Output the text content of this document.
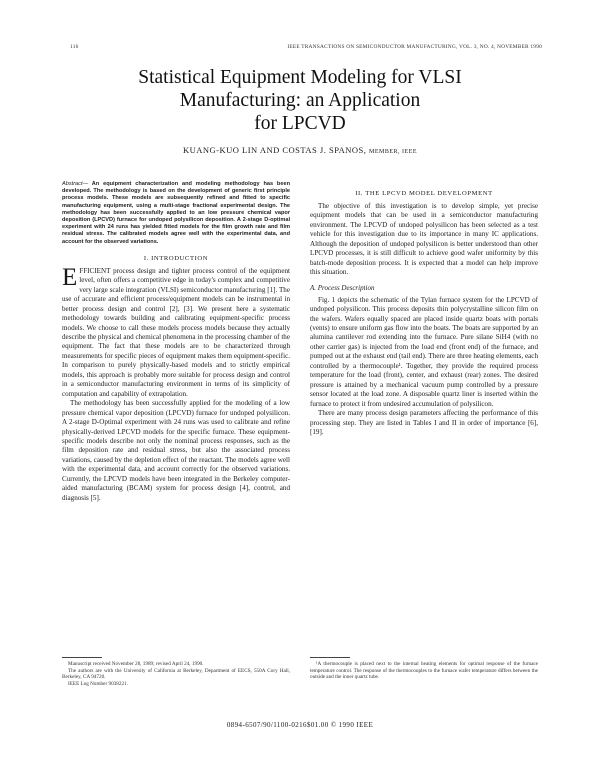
116	IEEE TRANSACTIONS ON SEMICONDUCTOR MANUFACTURING, VOL. 3, NO. 4, NOVEMBER 1990
Statistical Equipment Modeling for VLSI
Manufacturing: an Application
for LPCVD
KUANG-KUO LIN AND COSTAS J. SPANOS, MEMBER, IEEE
Abstract— An equipment characterization and modeling methodology has been developed. The methodology is based on the development of generic first principle process models. These models are subsequently refined and fitted to specific manufacturing equipment, using a multi-stage fractional experimental design. The methodology has been successfully applied to an low pressure chemical vapor deposition (LPCVD) furnace for undoped polysilicon deposition. A 2-stage D-optimal experiment with 24 runs has yielded fitted models for the film growth rate and film residual stress. The calibrated models agree well with the experimental data, and account for the observed variations.
I. INTRODUCTION

E FFICIENT process design and tighter process control of the equipment level, often offers a competitive edge in today's complex and competitive very large scale integration (VLSI) semiconductor manufacturing [1]. The use of accurate and efficient process/equipment models can be instrumental in better process design and control [2], [3]. We present here a systematic methodology towards building and calibrating equipment-specific process models. We choose to call these models process models because they actually describe the physical and chemical phenomena in the processing chamber of the equipment. The fact that these models are to be characterized through measurements for specific pieces of equipment makes them equipment-specific. In comparison to purely physically-based models and to strictly empirical models, this approach is probably more suitable for process design and control in a semiconductor manufacturing environment in terms of its simplicity of computation and capability of extrapolation.

The methodology has been successfully applied for the modeling of a low pressure chemical vapor deposition (LPCVD) furnace for undoped polysilicon. A 2-stage D-Optimal experiment with 24 runs was used to calibrate and refine physically-derived LPCVD models for the specific furnace. These equipment-specific models describe not only the nominal process responses, such as the film deposition rate and residual stress, but also the associated process variations, caused by the depletion effect of the reactant. The models agree well with the experimental data, and account correctly for the observed variations. Currently, the LPCVD models have been integrated in the Berkeley computer-aided manufacturing (BCAM) system for process design [4], control, and diagnosis [5].

II. THE LPCVD MODEL DEVELOPMENT

The objective of this investigation is to develop simple, yet precise equipment models that can be used in a semiconductor manufacturing environment. The LPCVD of undoped polysilicon has been selected as a test vehicle for this investigation due to its importance in many IC applications. Although the deposition of undoped polysilicon is better understood than other LPCVD processes, it is still difficult to achieve good wafer uniformity by this batch-mode deposition process. It is expected that a model can help improve this situation.

A. Process Description

Fig. 1 depicts the schematic of the Tylan furnace system for the LPCVD of undoped polysilicon. This process deposits thin polycrystalline silicon film on the wafers. Wafers equally spaced are placed inside quartz boats with portals (vents) to ensure uniform gas flow into the boats. The boats are supported by an alumina cantilever rod extending into the furnace. Pure silane SiH4 (with no other carrier gas) is injected from the load end (front end) of the furnace, and pumped out at the exhaust end (tail end). There are three heating elements, each controlled by a thermocouple¹. Together, they provide the required process temperature for the load (front), center, and exhaust (rear) zones. The desired pressure is attained by a mechanical vacuum pump controlled by a pressure sensor located at the load zone. A disposable quartz liner is inserted within the furnace to protect it from undesired accumulation of polysilicon.

There are many process design parameters affecting the performance of this processing step. They are listed in Tables I and II in order of importance [6], [19].

Manuscript received November 28, 1989; revised April 24, 1990.

The authors are with the University of California at Berkeley, Department of EECS, 550A Cory Hall, Berkeley, CA 94720.

IEEE Log Number 9038221.

¹A thermocouple is placed next to the internal heating elements for optimal response of the furnace temperature control. The response of the thermocouples to the furnace wafer temperature differs between the outside and the inner quartz tube.

0894-6507/90/1100-0216$01.00 © 1990 IEEE
